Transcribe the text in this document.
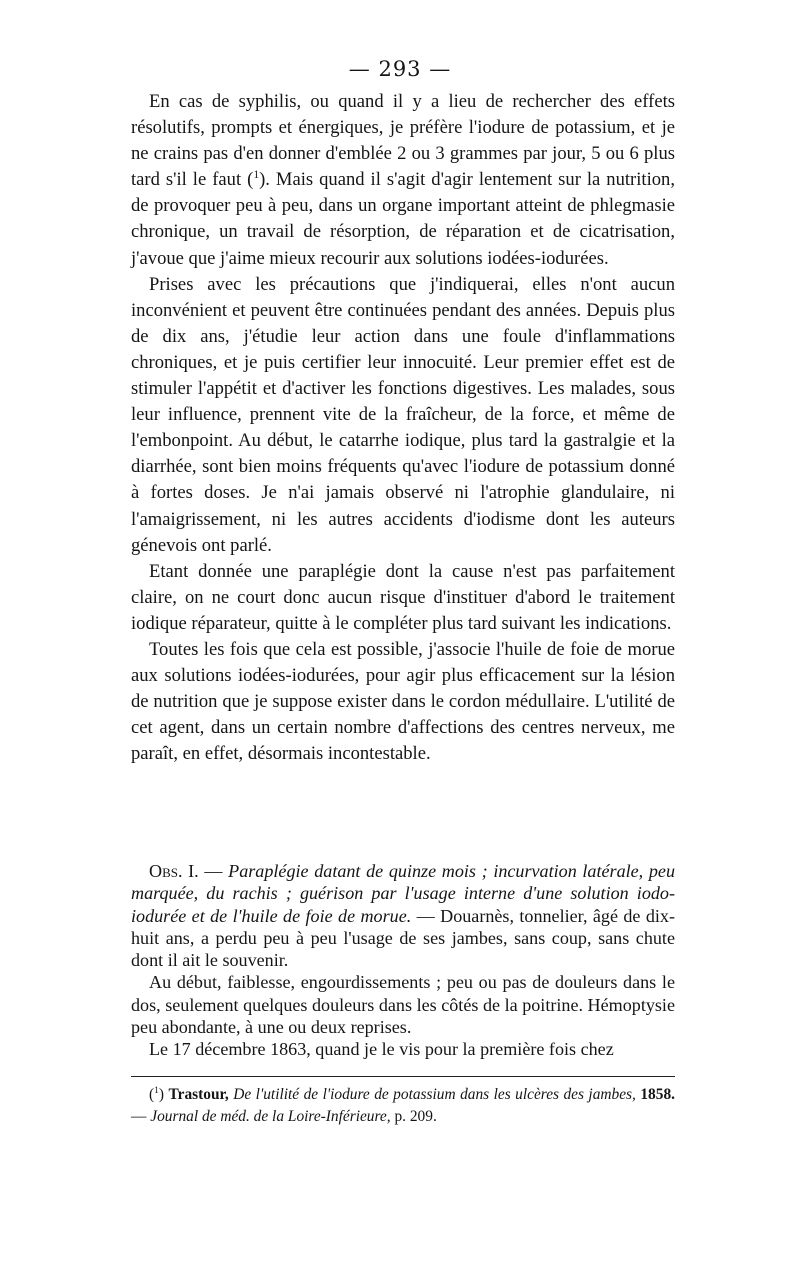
— 293 —

En cas de syphilis, ou quand il y a lieu de rechercher des effets résolutifs, prompts et énergiques, je préfère l'iodure de potassium, et je ne crains pas d'en donner d'emblée 2 ou 3 grammes par jour, 5 ou 6 plus tard s'il le faut ($^1$). Mais quand il s'agit d'agir lentement sur la nutrition, de provoquer peu à peu, dans un organe important atteint de phlegmasie chronique, un travail de résorption, de réparation et de cicatrisation, j'avoue que j'aime mieux recourir aux solutions iodées-iodurées.

Prises avec les précautions que j'indiquerai, elles n'ont aucun inconvénient et peuvent être continuées pendant des années. Depuis plus de dix ans, j'étudie leur action dans une foule d'inflammations chroniques, et je puis certifier leur innocuité. Leur premier effet est de stimuler l'appétit et d'activer les fonctions digestives. Les malades, sous leur influence, prennent vite de la fraîcheur, de la force, et même de l'embonpoint. Au début, le catarrhe iodique, plus tard la gastralgie et la diarrhée, sont bien moins fréquents qu'avec l'iodure de potassium donné à fortes doses. Je n'ai jamais observé ni l'atrophie glandulaire, ni l'amaigrissement, ni les autres accidents d'iodisme dont les auteurs génevois ont parlé.

Etant donnée une paraplégie dont la cause n'est pas parfaitement claire, on ne court donc aucun risque d'instituer d'abord le traitement iodique réparateur, quitte à le compléter plus tard suivant les indications.

Toutes les fois que cela est possible, j'associe l'huile de foie de morue aux solutions iodées-iodurées, pour agir plus efficacement sur la lésion de nutrition que je suppose exister dans le cordon médullaire. L'utilité de cet agent, dans un certain nombre d'affections des centres nerveux, me paraît, en effet, désormais incontestable.

Obs. I. — Paraplégie datant de quinze mois ; incurvation latérale, peu marquée, du rachis ; guérison par l'usage interne d'une solution iodo-iodurée et de l'huile de foie de morue. — Douarnès, tonnelier, âgé de dix-huit ans, a perdu peu à peu l'usage de ses jambes, sans coup, sans chute dont il ait le souvenir.

Au début, faiblesse, engourdissements ; peu ou pas de douleurs dans le dos, seulement quelques douleurs dans les côtés de la poitrine. Hémoptysie peu abondante, à une ou deux reprises.

Le 17 décembre 1863, quand je le vis pour la première fois chez

($^1$) Trastour, De l'utilité de l'iodure de potassium dans les ulcères des jambes, 1858. — Journal de méd. de la Loire-Inférieure, p. 209.
